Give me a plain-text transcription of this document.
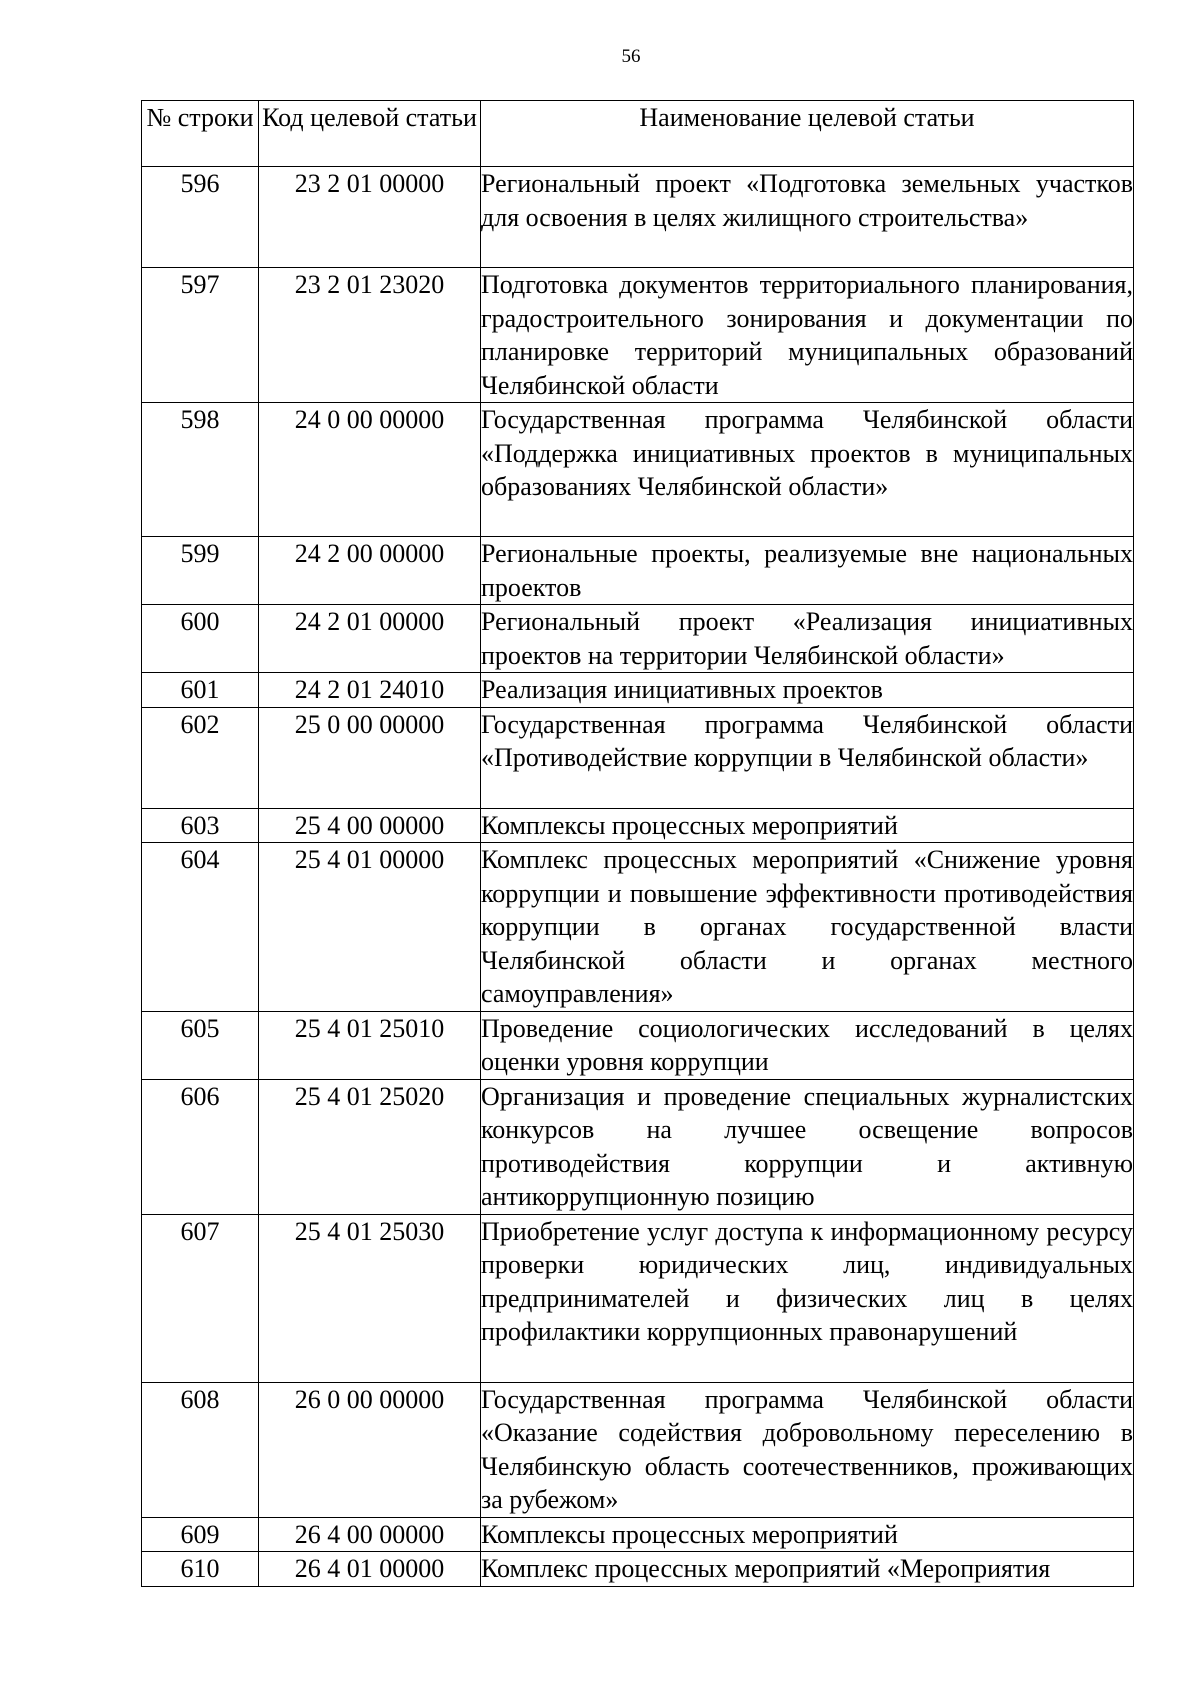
56
№ строки	Код целевой статьи	Наименование целевой статьи
596	23 2 01 00000	Региональный проект «Подготовка земельных участков для освоения в целях жилищного строительства»
597	23 2 01 23020	Подготовка документов территориального планирования, градостроительного зонирования и документации по планировке территорий муниципальных образований Челябинской области
598	24 0 00 00000	Государственная программа Челябинской области «Поддержка инициативных проектов в муниципальных образованиях Челябинской области»
599	24 2 00 00000	Региональные проекты, реализуемые вне национальных проектов
600	24 2 01 00000	Региональный проект «Реализация инициативных проектов на территории Челябинской области»
601	24 2 01 24010	Реализация инициативных проектов
602	25 0 00 00000	Государственная программа Челябинской области «Противодействие коррупции в Челябинской области»
603	25 4 00 00000	Комплексы процессных мероприятий
604	25 4 01 00000	Комплекс процессных мероприятий «Снижение уровня коррупции и повышение эффективности противодействия коррупции в органах государственной власти Челябинской области и органах местного самоуправления»
605	25 4 01 25010	Проведение социологических исследований в целях оценки уровня коррупции
606	25 4 01 25020	Организация и проведение специальных журналистских конкурсов на лучшее освещение вопросов противодействия коррупции и активную антикоррупционную позицию
607	25 4 01 25030	Приобретение услуг доступа к информационному ресурсу проверки юридических лиц, индивидуальных предпринимателей и физических лиц в целях профилактики коррупционных правонарушений
608	26 0 00 00000	Государственная программа Челябинской области «Оказание содействия добровольному переселению в Челябинскую область соотечественников, проживающих за рубежом»
609	26 4 00 00000	Комплексы процессных мероприятий
610	26 4 01 00000	Комплекс процессных мероприятий «Мероприятия
